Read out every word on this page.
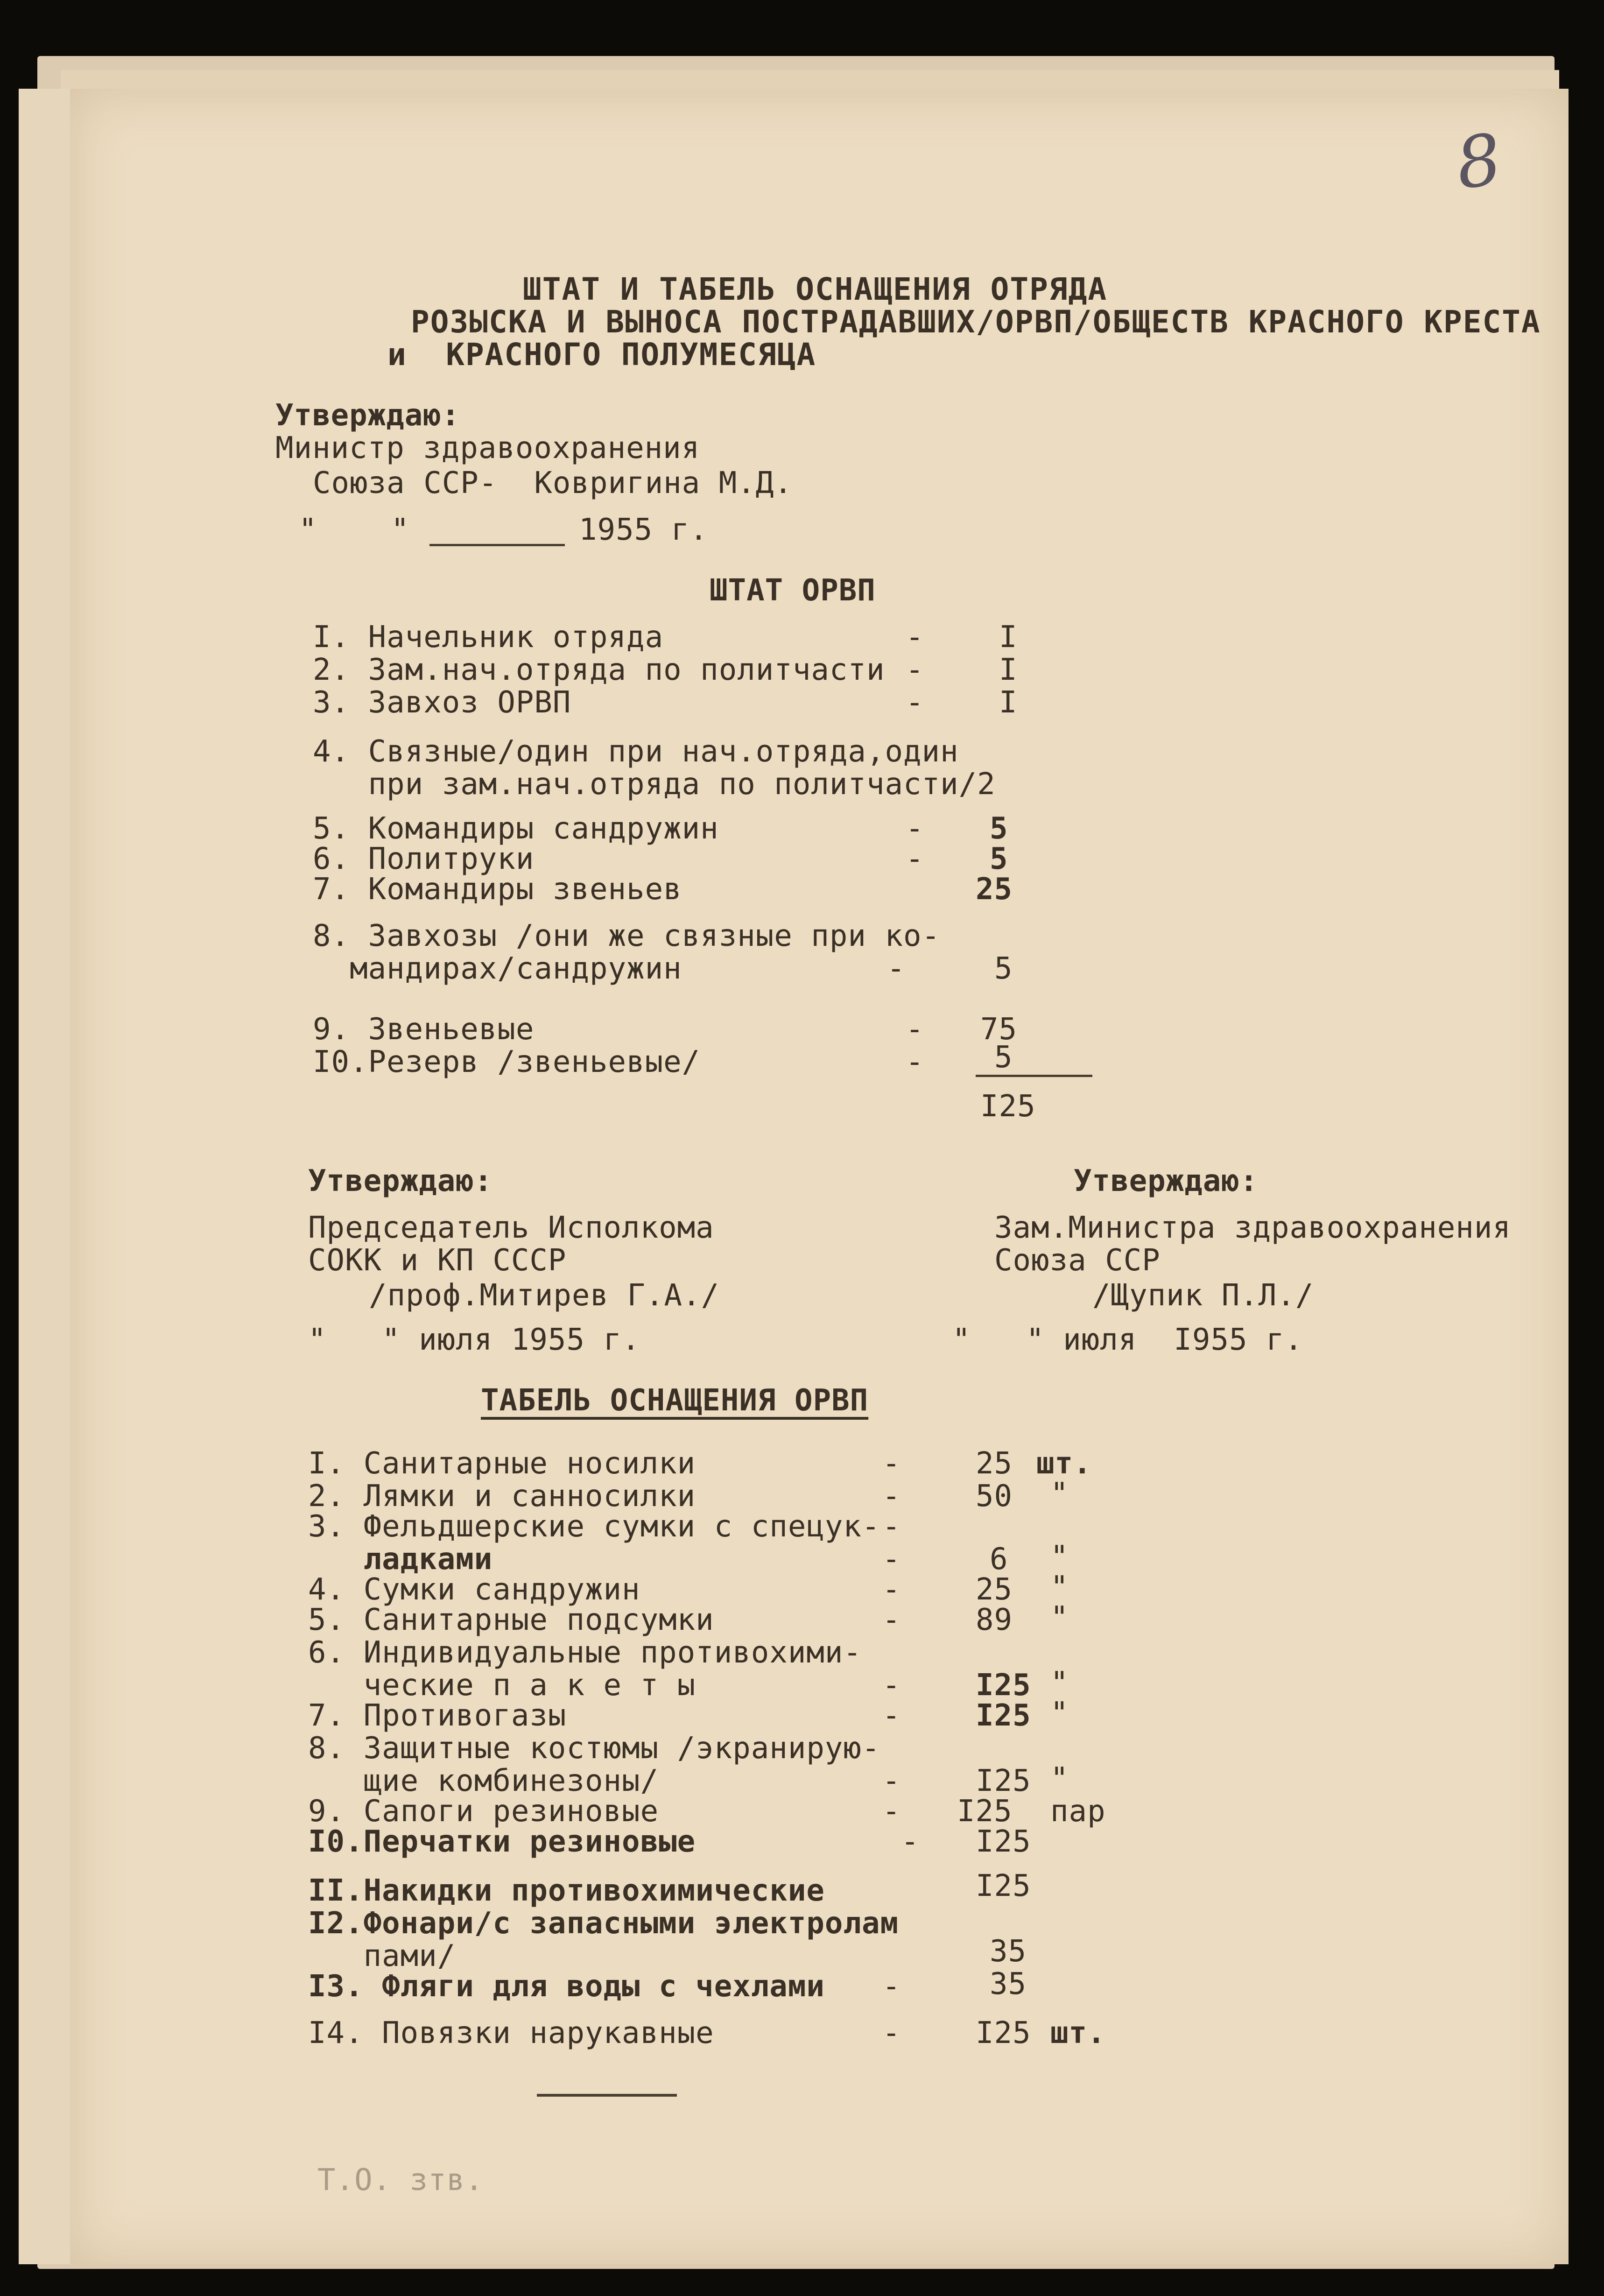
8
ШТАТ И ТАБЕЛЬ ОСНАЩЕНИЯ ОТРЯДА
РОЗЫСКА И ВЫНОСА ПОСТРАДАВШИХ/ОРВП/ОБЩЕСТВ КРАСНОГО КРЕСТА
и  КРАСНОГО ПОЛУМЕСЯЦА
Утверждаю:
Министр здравоохранения
Союза ССР-  Ковригина М.Д.
"    "	1955 г.
ШТАТ ОРВП
I. Начельник отряда	-	I
2. Зам.нач.отряда по политчасти -	I
3. Завхоз ОРВП	-	I
4. Связные/один при нач.отряда,один
при зам.нач.отряда по политчасти/2
5. Командиры сандружин	- 5
6. Политруки	- 5
7. Командиры звеньев	25
8. Завхозы /они же связные при ко-
мандирах/сандружин	-	5
9. Звеньевые	- 75
I0.Резерв /звеньевые/	- 5
I25
Утверждаю:
Председатель Исполкома
СОКК и КП СССР
/проф.Митирев Г.А./
"   " июля 1955 г.
Утверждаю:
Зам.Министра здравоохранения
Союза ССР
/Щупик П.Л./
"   " июля  I955 г.
ТАБЕЛЬ ОСНАЩЕНИЯ ОРВП
I. Санитарные носилки	-	25 шт.
2. Лямки и санносилки	-	50 "
3. Фельдшерские сумки с спецук- -
ладками	-	6 "
4. Сумки сандружин	-	25 "
5. Санитарные подсумки	-	89 "
6. Индивидуальные противохими-
ческие п а к е т ы	-	I25 "
7. Противогазы	-	I25 "
8. Защитные костюмы /экранирую-
щие комбинезоны/	-	I25 "
9. Сапоги резиновые	- I25 пар
I0.Перчатки резиновые	- I25
II.Накидки противохимические	I25
I2.Фонари/с запасными электролам
пами/	35
I3. Фляги для воды с чехлами -	35
I4. Повязки нарукавные	-	I25 шт.
Т.О. зтв.
